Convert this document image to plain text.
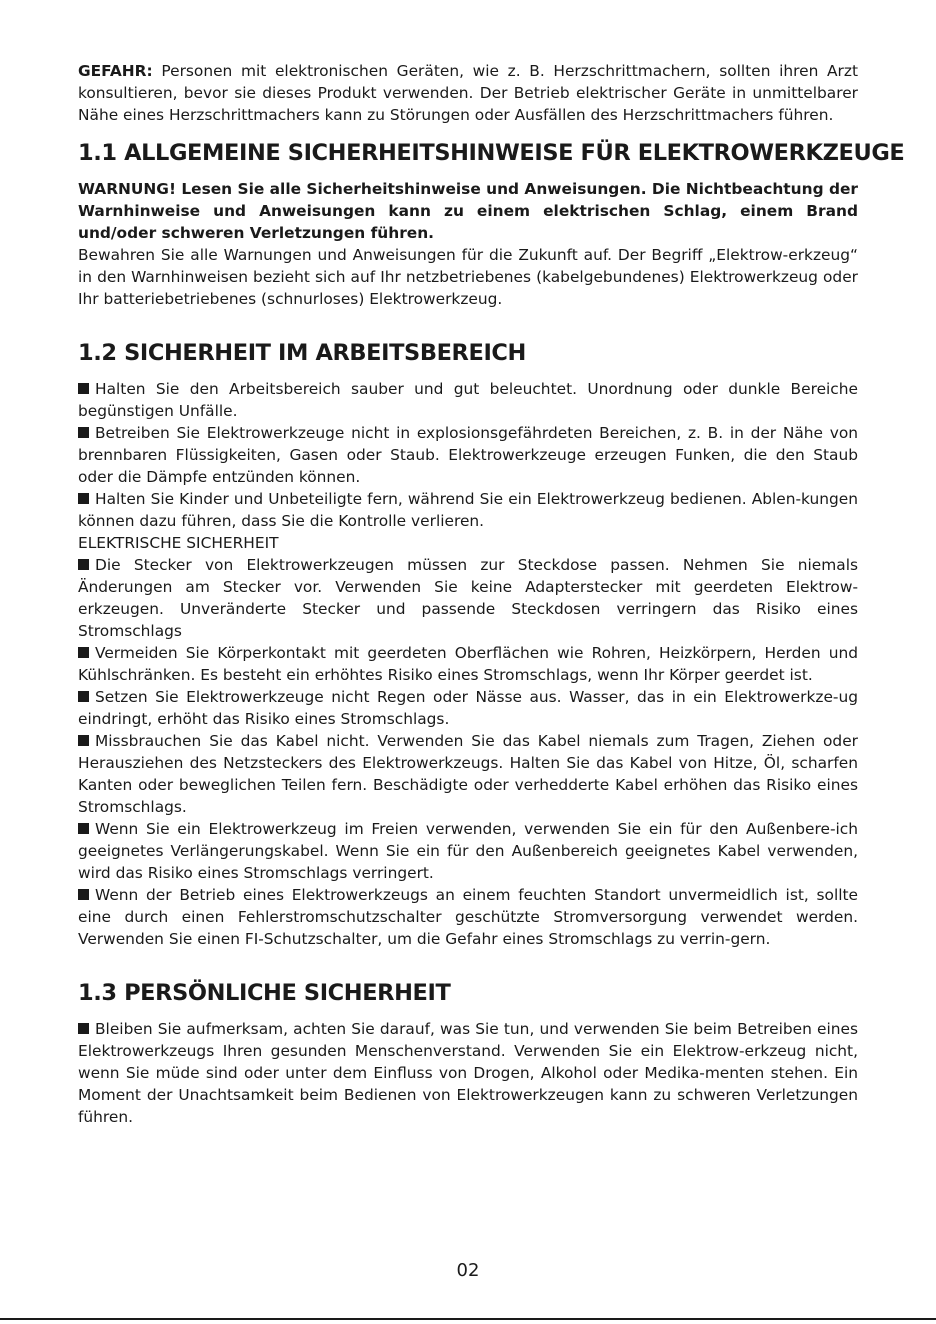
GEFAHR: Personen mit elektronischen Geräten, wie z. B. Herzschrittmachern, sollten ihren Arzt konsultieren, bevor sie dieses Produkt verwenden. Der Betrieb elektrischer Geräte in unmittelbarer Nähe eines Herzschrittmachers kann zu Störungen oder Ausfällen des Herzschrittmachers führen.

1.1 ALLGEMEINE SICHERHEITSHINWEISE FÜR ELEKTROWERKZEUGE

WARNUNG! Lesen Sie alle Sicherheitshinweise und Anweisungen. Die Nichtbeachtung der Warnhinweise und Anweisungen kann zu einem elektrischen Schlag, einem Brand und/oder schweren Verletzungen führen.

Bewahren Sie alle Warnungen und Anweisungen für die Zukunft auf. Der Begriff „Elektrow-erkzeug“ in den Warnhinweisen bezieht sich auf Ihr netzbetriebenes (kabelgebundenes) Elektrowerkzeug oder Ihr batteriebetriebenes (schnurloses) Elektrowerkzeug.

1.2 SICHERHEIT IM ARBEITSBEREICH

Halten Sie den Arbeitsbereich sauber und gut beleuchtet. Unordnung oder dunkle Bereiche begünstigen Unfälle.

Betreiben Sie Elektrowerkzeuge nicht in explosionsgefährdeten Bereichen, z. B. in der Nähe von brennbaren Flüssigkeiten, Gasen oder Staub. Elektrowerkzeuge erzeugen Funken, die den Staub oder die Dämpfe entzünden können.

Halten Sie Kinder und Unbeteiligte fern, während Sie ein Elektrowerkzeug bedienen. Ablen-kungen können dazu führen, dass Sie die Kontrolle verlieren.

ELEKTRISCHE SICHERHEIT

Die Stecker von Elektrowerkzeugen müssen zur Steckdose passen. Nehmen Sie niemals Änderungen am Stecker vor. Verwenden Sie keine Adapterstecker mit geerdeten Elektrow-erkzeugen. Unveränderte Stecker und passende Steckdosen verringern das Risiko eines Stromschlags

Vermeiden Sie Körperkontakt mit geerdeten Oberflächen wie Rohren, Heizkörpern, Herden und Kühlschränken. Es besteht ein erhöhtes Risiko eines Stromschlags, wenn Ihr Körper geerdet ist.

Setzen Sie Elektrowerkzeuge nicht Regen oder Nässe aus. Wasser, das in ein Elektrowerkze-ug eindringt, erhöht das Risiko eines Stromschlags.

Missbrauchen Sie das Kabel nicht. Verwenden Sie das Kabel niemals zum Tragen, Ziehen oder Herausziehen des Netzsteckers des Elektrowerkzeugs. Halten Sie das Kabel von Hitze, Öl, scharfen Kanten oder beweglichen Teilen fern. Beschädigte oder verhedderte Kabel erhöhen das Risiko eines Stromschlags.

Wenn Sie ein Elektrowerkzeug im Freien verwenden, verwenden Sie ein für den Außenbere-ich geeignetes Verlängerungskabel. Wenn Sie ein für den Außenbereich geeignetes Kabel verwenden, wird das Risiko eines Stromschlags verringert.

Wenn der Betrieb eines Elektrowerkzeugs an einem feuchten Standort unvermeidlich ist, sollte eine durch einen Fehlerstromschutzschalter geschützte Stromversorgung verwendet werden. Verwenden Sie einen FI-Schutzschalter, um die Gefahr eines Stromschlags zu verrin-gern.

1.3 PERSÖNLICHE SICHERHEIT

Bleiben Sie aufmerksam, achten Sie darauf, was Sie tun, und verwenden Sie beim Betreiben eines Elektrowerkzeugs Ihren gesunden Menschenverstand. Verwenden Sie ein Elektrow-erkzeug nicht, wenn Sie müde sind oder unter dem Einfluss von Drogen, Alkohol oder Medika-menten stehen. Ein Moment der Unachtsamkeit beim Bedienen von Elektrowerkzeugen kann zu schweren Verletzungen führen.

02
